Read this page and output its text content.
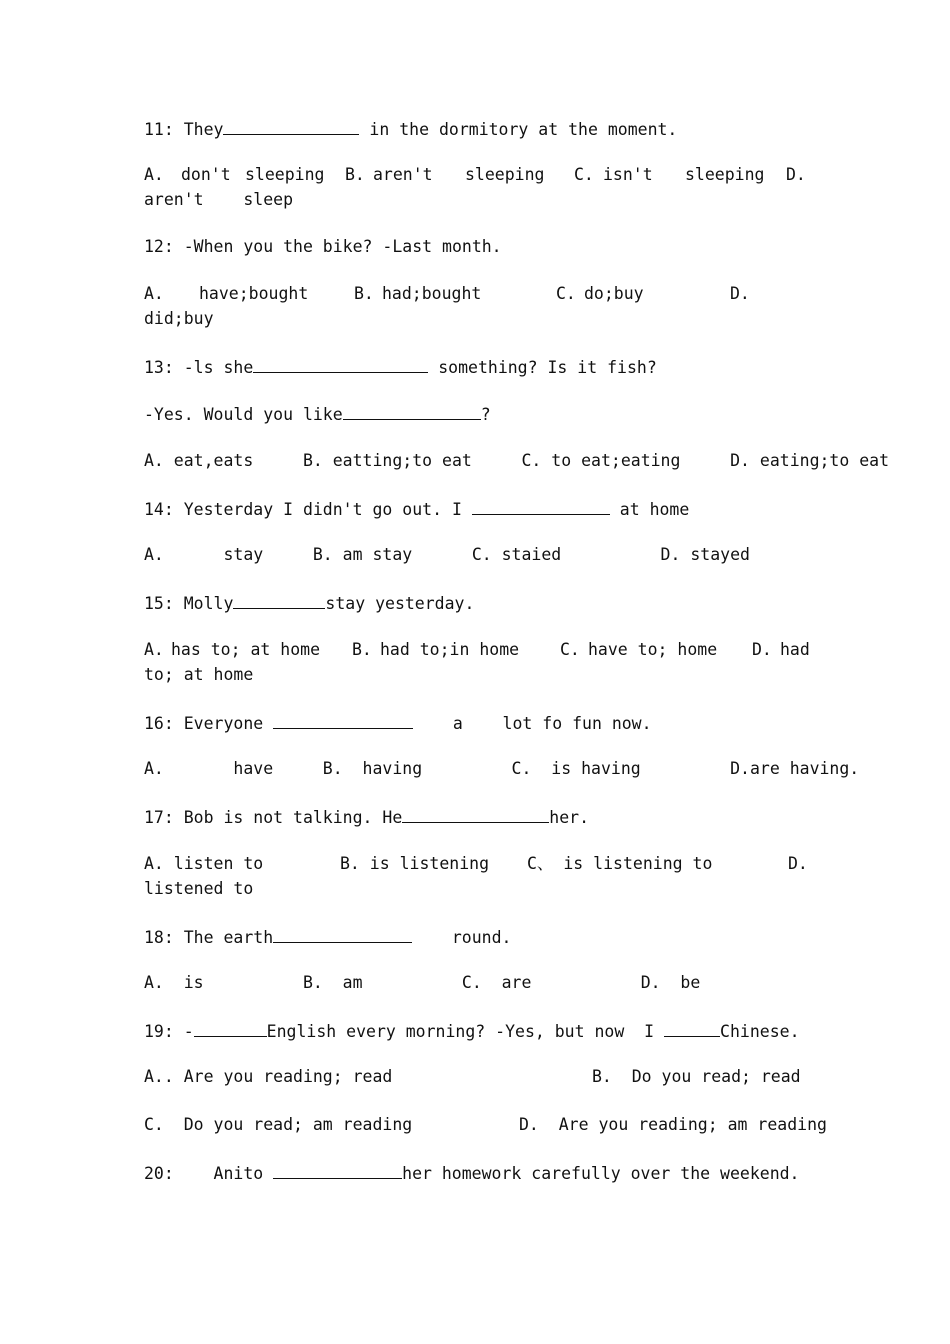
11: They	in the dormitory at the moment.
A. don't sleeping B. aren't sleeping C. isn't sleeping D.
aren't    sleep
12: -When you the bike? -Last month.
A. have;bought	B. had;bought	C. do;buy	D.
did;buy
13: -ls she	something? Is it fish?
-Yes. Would you like	?
A. eat,eats     B. eatting;to eat     C. to eat;eating     D. eating;to eat
14: Yesterday I didn't go out. I	at home
A.      stay     B. am stay      C. staied          D. stayed
15: Molly	stay yesterday.
A. has to; at home B. had to;in home C. have to; home D. had
to; at home
16: Everyone	a    lot fo fun now.
A.       have     B.  having         C.  is having         D.are having.
17: Bob is not talking. He	her.
A. listen to	B. is listening C、 is listening to	D.
listened to
18: The earth	round.
A.  is          B.  am          C.  are           D.  be
19: -	English every morning? -Yes, but now  I	Chinese.
A.. Are you reading; read	B.  Do you read; read
C.  Do you read; am reading	D.  Are you reading; am reading
20:    Anito	her homework carefully over the weekend.
